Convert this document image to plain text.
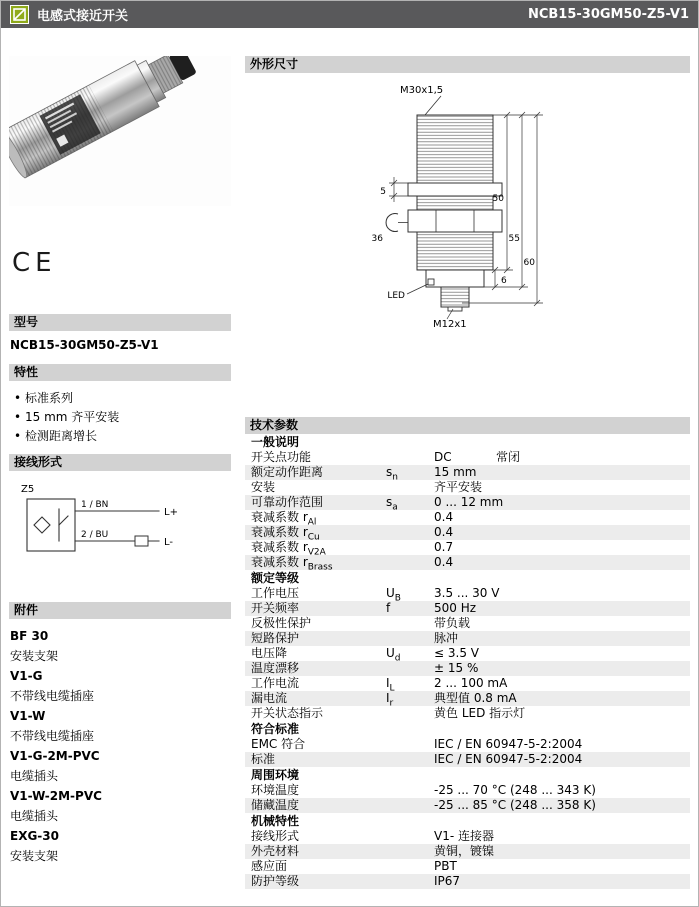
电感式接近开关	NCB15-30GM50-Z5-V1
CE
型号
NCB15-30GM50-Z5-V1
特性
• 标准系列
• 15 mm 齐平安装
• 检测距离增长
接线形式
Z5
1 / BN
L+
2 / BU
L-
附件
BF 30
安装支架
V1-G
不带线电缆插座
V1-W
不带线电缆插座
V1-G-2M-PVC
电缆插头
V1-W-2M-PVC
电缆插头
EXG-30
安装支架
外形尺寸
M30x1,5
5
36
50
55
60
6
LED
M12x1
技术参数
一般说明
开关点功能	DC	常闭
额定动作距离	$s_n$	15 mm
安装	齐平安装
可靠动作范围	$s_a$	0 ... 12 mm
衰减系数 $r_{Al}$	0.4
衰减系数 $r_{Cu}$	0.4
衰减系数 $r_{V2A}$	0.7
衰减系数 $r_{Brass}$	0.4
额定等级
工作电压	$U_B$	3.5 ... 30 V
开关频率	f	500 Hz
反极性保护	带负载
短路保护	脉冲
电压降	$U_d$	≤ 3.5 V
温度漂移	± 15 %
工作电流	$I_L$	2 ... 100 mA
漏电流	$I_r$	典型值 0.8 mA
开关状态指示	黄色 LED 指示灯
符合标准
EMC 符合	IEC / EN 60947-5-2:2004
标准	IEC / EN 60947-5-2:2004
周围环境
环境温度	-25 ... 70 °C (248 ... 343 K)
储藏温度	-25 ... 85 °C (248 ... 358 K)
机械特性
接线形式	V1- 连接器
外壳材料	黄铜，镀镍
感应面	PBT
防护等级	IP67
